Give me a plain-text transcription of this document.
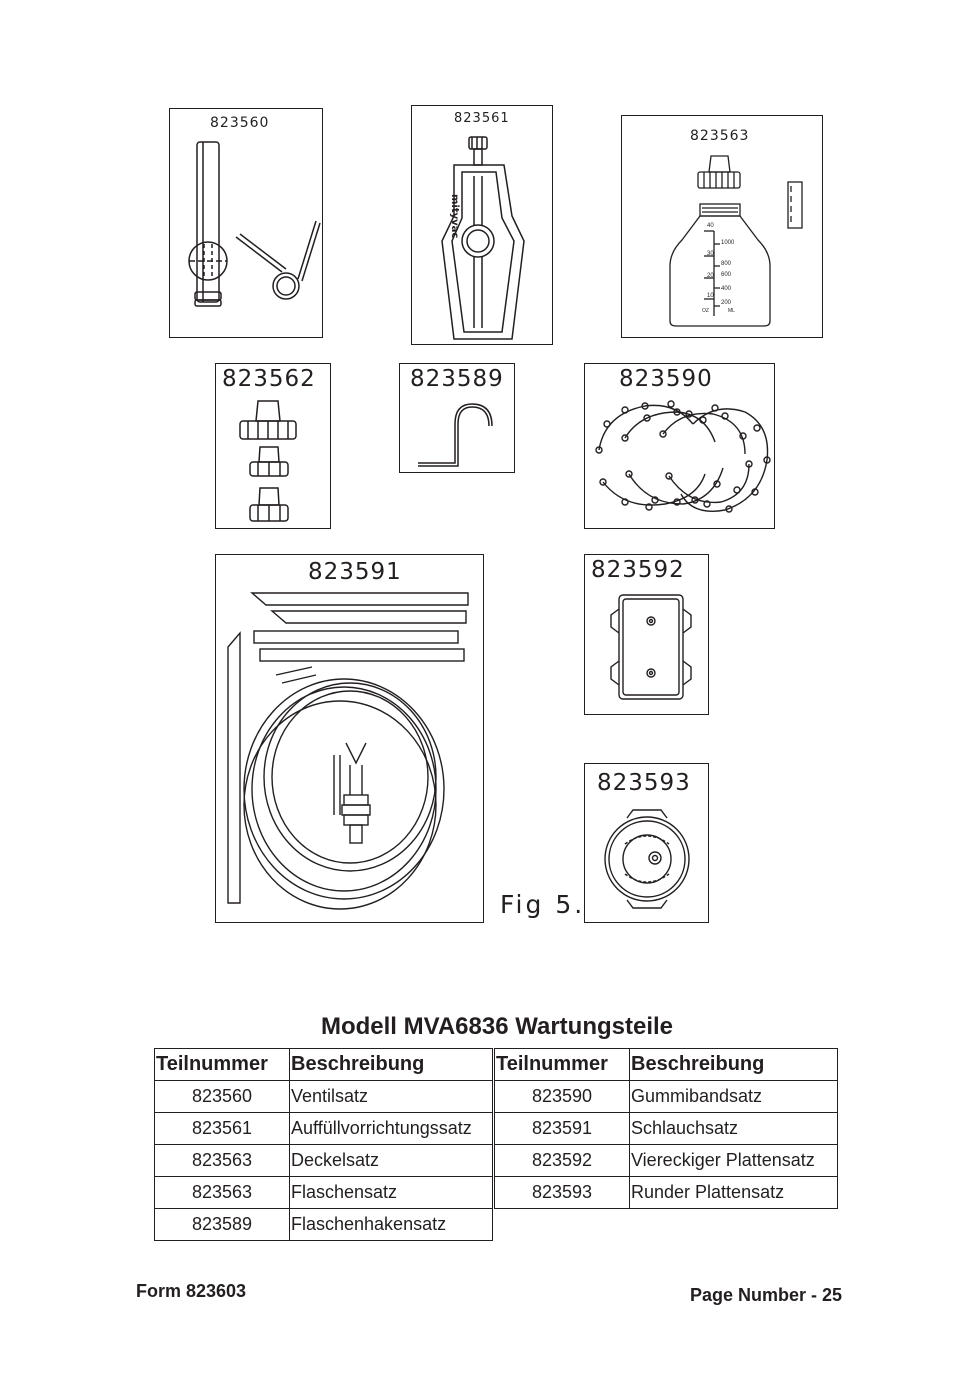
823560	823561
mityvac
823563
40
30
20
10
OZ
1000
800
600
400
200
ML
823562	823589	823590
823591	823592
823593
Fig 5.
Modell MVA6836 Wartungsteile
Teilnummer	Beschreibung
823560	Ventilsatz
823561	Auffüllvorrichtungssatz
823563	Deckelsatz
823563	Flaschensatz
823589	Flaschenhakensatz
Teilnummer	Beschreibung
823590	Gummibandsatz
823591	Schlauchsatz
823592	Viereckiger Plattensatz
823593	Runder Plattensatz
Form 823603	Page Number - 25
